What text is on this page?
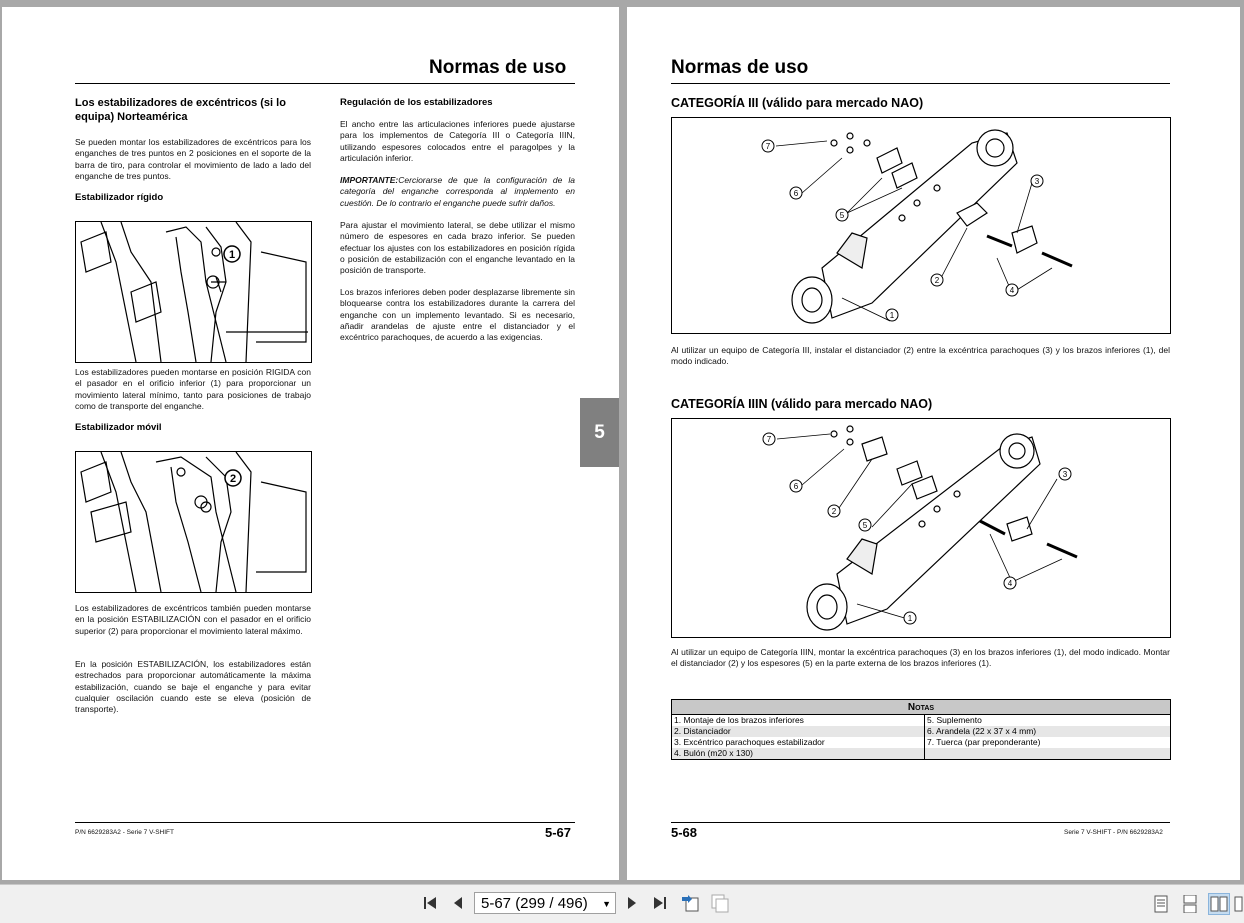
Normas de uso
Los estabilizadores de excéntricos (si lo equipa) Norteamérica
Se pueden montar los estabilizadores de excéntricos para los enganches de tres puntos en 2 posiciones en el soporte de la barra de tiro, para controlar el movimiento de lado a lado del enganche de tres puntos.
Estabilizador rígido
1
Los estabilizadores pueden montarse en posición RIGIDA con el pasador en el orificio inferior (1) para proporcionar un movimiento lateral mínimo, tanto para posiciones de trabajo como de transporte del enganche.
Estabilizador móvil
2
Los estabilizadores de excéntricos también pueden montarse en la posición ESTABILIZACIÓN con el pasador en el orificio superior (2) para proporcionar el movimiento lateral máximo.
En la posición ESTABILIZACIÓN, los estabilizadores están estrechados para proporcionar automáticamente la máxima estabilización, cuando se baje el enganche y para evitar cualquier oscilación cuando este se eleva (posición de transporte).
Regulación de los estabilizadores
El ancho entre las articulaciones inferiores puede ajustarse para los implementos de Categoría III o Categoría IIIN, utilizando espesores colocados entre el paragolpes y la articulación inferior.
IMPORTANTE:Cerciorarse de que la configuración de la categoría del enganche corresponda al implemento en cuestión. De lo contrario el enganche puede sufrir daños.
Para ajustar el movimiento lateral, se debe utilizar el mismo número de espesores en cada brazo inferior. Se pueden efectuar los ajustes con los estabilizadores en posición rígida o posición de estabilización con el enganche levantado en la posición de transporte.
Los brazos inferiores deben poder desplazarse libremente sin bloquearse contra los estabilizadores durante la carrera del enganche con un implemento levantado. Si es necesario, añadir arandelas de ajuste entre el distanciador y el excéntrico parachoques, de acuerdo a las exigencias.
P/N 6629283A2 - Serie 7 V-SHIFT	5-67
5
Normas de uso
CATEGORÍA III (válido para mercado NAO)
7
6
5
3
2
4
1
Al utilizar un equipo de Categoría III, instalar el distanciador (2) entre la excéntrica parachoques (3) y los brazos inferiores (1), del modo indicado.
CATEGORÍA IIIN (válido para mercado NAO)
7
6
2
5
3
4
1
Al utilizar un equipo de Categoría IIIN, montar la excéntrica parachoques (3) en los brazos inferiores (1), del modo indicado. Montar el distanciador (2) y los espesores (5) en la parte externa de los brazos inferiores (1).
Notas	
1. Montaje de los brazos inferiores	5. Suplemento
2. Distanciador	6. Arandela (22 x 37 x 4 mm)
3. Excéntrico parachoques estabilizador	7. Tuerca (par preponderante)
4. Bulón (m20 x 130)	
5-68	Serie 7 V-SHIFT - P/N 6629283A2
5-67 (299 / 496) ▼
